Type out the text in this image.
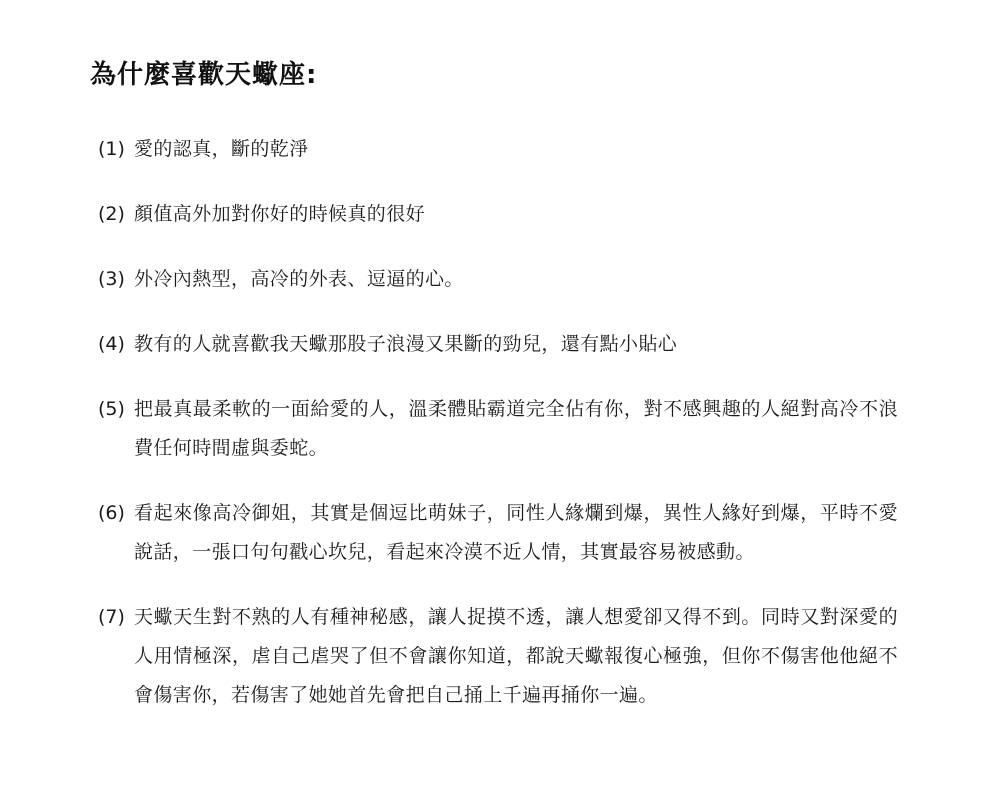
為什麼喜歡天蠍座:
(1) 愛的認真，斷的乾淨
(2) 顏值高外加對你好的時候真的很好
(3) 外冷內熱型，高冷的外表、逗逼的心。
(4) 教有的人就喜歡我天蠍那股子浪漫又果斷的勁兒，還有點小貼心
(5) 把最真最柔軟的一面給愛的人，溫柔體貼霸道完全佔有你，對不感興趣的人絕對高冷不浪費任何時間虛與委蛇。
(6) 看起來像高冷御姐，其實是個逗比萌妹子，同性人緣爛到爆，異性人緣好到爆，平時不愛說話，一張口句句戳心坎兒，看起來冷漠不近人情，其實最容易被感動。
(7) 天蠍天生對不熟的人有種神秘感，讓人捉摸不透，讓人想愛卻又得不到。同時又對深愛的人用情極深，虐自己虐哭了但不會讓你知道，都說天蠍報復心極強，但你不傷害他他絕不會傷害你，若傷害了她她首先會把自己捅上千遍再捅你一遍。
